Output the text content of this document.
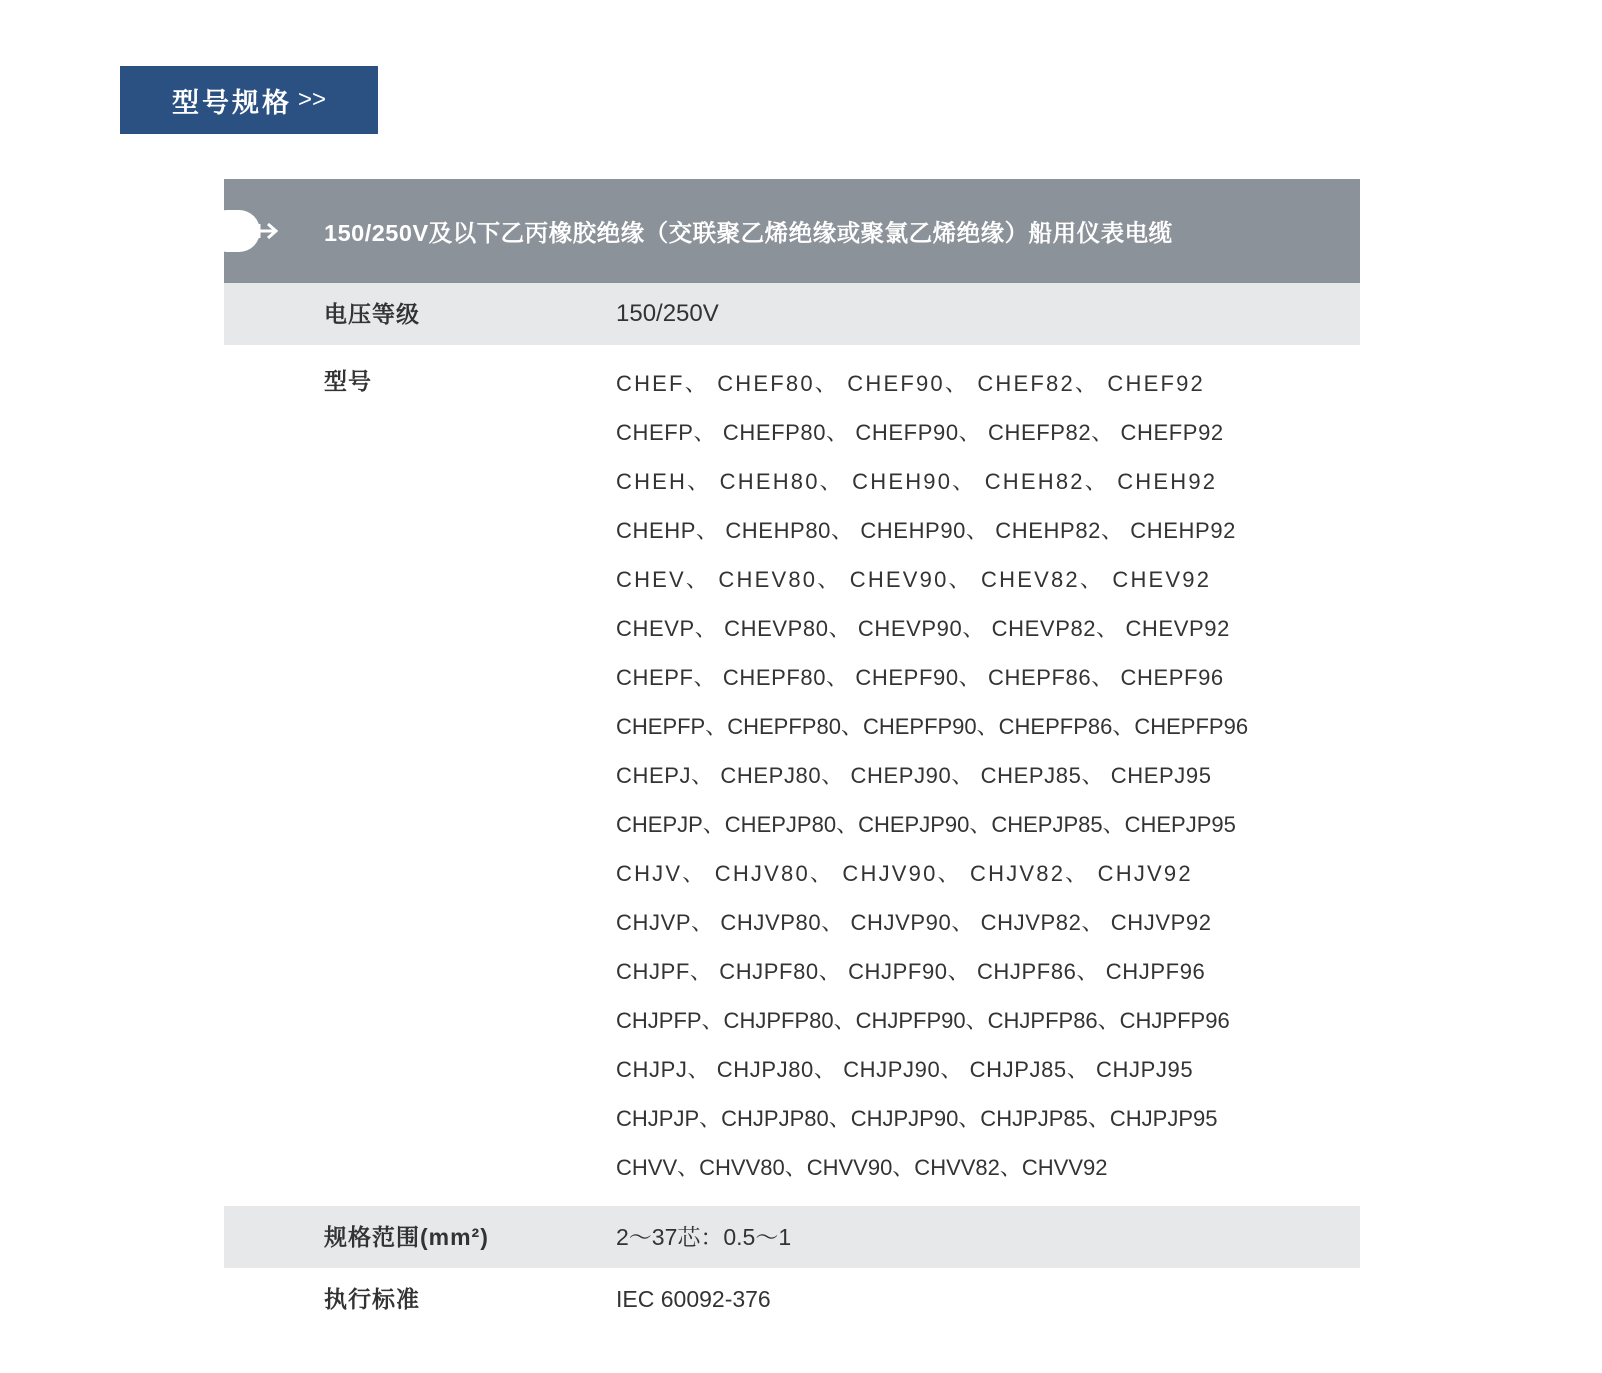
型号规格 >>
150/250V及以下乙丙橡胶绝缘（交联聚乙烯绝缘或聚氯乙烯绝缘）船用仪表电缆
电压等级	150/250V
型号	CHEF、 CHEF80、 CHEF90、 CHEF82、 CHEF92
CHEFP、 CHEFP80、 CHEFP90、 CHEFP82、 CHEFP92
CHEH、 CHEH80、 CHEH90、 CHEH82、 CHEH92
CHEHP、 CHEHP80、 CHEHP90、 CHEHP82、 CHEHP92
CHEV、 CHEV80、 CHEV90、 CHEV82、 CHEV92
CHEVP、 CHEVP80、 CHEVP90、 CHEVP82、 CHEVP92
CHEPF、 CHEPF80、 CHEPF90、 CHEPF86、 CHEPF96
CHEPFP、CHEPFP80、CHEPFP90、CHEPFP86、CHEPFP96
CHEPJ、 CHEPJ80、 CHEPJ90、 CHEPJ85、 CHEPJ95
CHEPJP、CHEPJP80、CHEPJP90、CHEPJP85、CHEPJP95
CHJV、 CHJV80、 CHJV90、 CHJV82、 CHJV92
CHJVP、 CHJVP80、 CHJVP90、 CHJVP82、 CHJVP92
CHJPF、 CHJPF80、 CHJPF90、 CHJPF86、 CHJPF96
CHJPFP、CHJPFP80、CHJPFP90、CHJPFP86、CHJPFP96
CHJPJ、 CHJPJ80、 CHJPJ90、 CHJPJ85、 CHJPJ95
CHJPJP、CHJPJP80、CHJPJP90、CHJPJP85、CHJPJP95
CHVV、CHVV80、CHVV90、CHVV82、CHVV92
规格范围(mm²)	2～37芯：0.5～1
执行标准	IEC 60092-376
